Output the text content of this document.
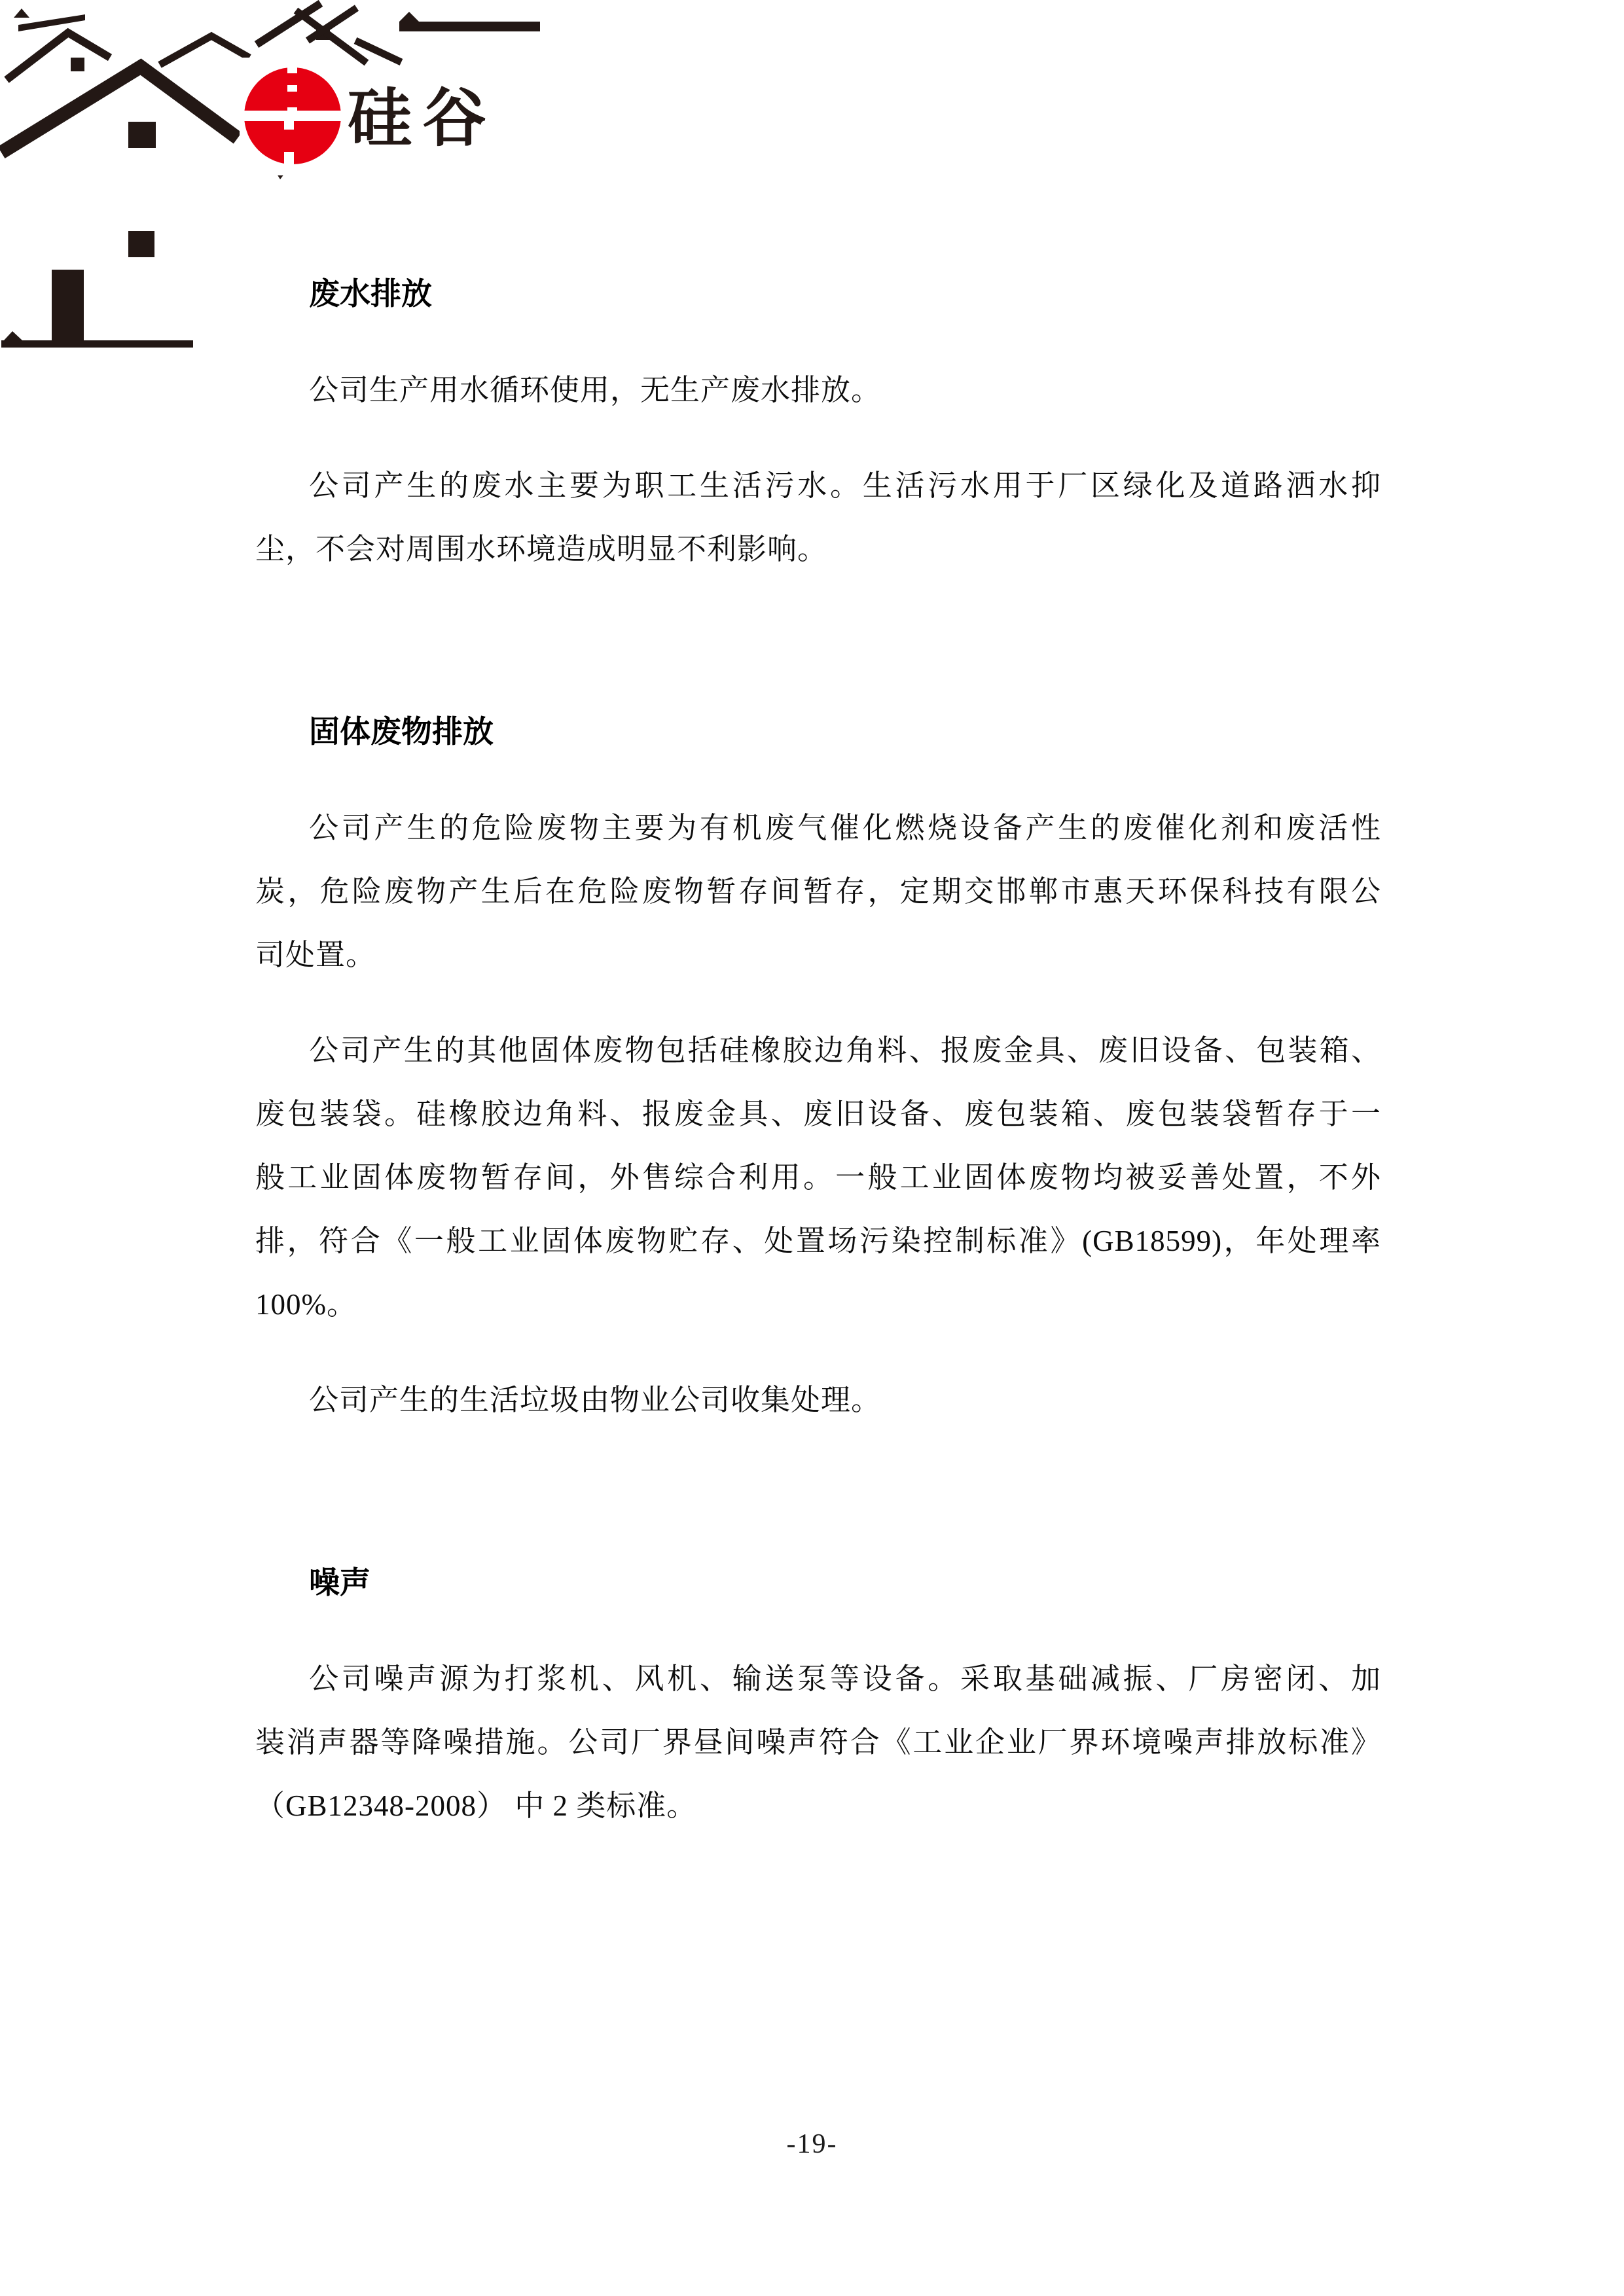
硅谷
废水排放
公司生产用水循环使用，无生产废水排放。
公司产生的废水主要为职工生活污水。生活污水用于厂区绿化及道路洒水抑
尘，不会对周围水环境造成明显不利影响。
固体废物排放
公司产生的危险废物主要为有机废气催化燃烧设备产生的废催化剂和废活性
炭，危险废物产生后在危险废物暂存间暂存，定期交邯郸市惠天环保科技有限公
司处置。
公司产生的其他固体废物包括硅橡胶边角料、报废金具、废旧设备、包装箱、
废包装袋。硅橡胶边角料、报废金具、废旧设备、废包装箱、废包装袋暂存于一
般工业固体废物暂存间，外售综合利用。一般工业固体废物均被妥善处置，不外
排，符合《一般工业固体废物贮存、处置场污染控制标准》(GB18599)，年处理率
100%。
公司产生的生活垃圾由物业公司收集处理。
噪声
公司噪声源为打浆机、风机、输送泵等设备。采取基础减振、厂房密闭、加
装消声器等降噪措施。公司厂界昼间噪声符合《工业企业厂界环境噪声排放标准》
（GB12348-2008） 中 2 类标准。
-19-
